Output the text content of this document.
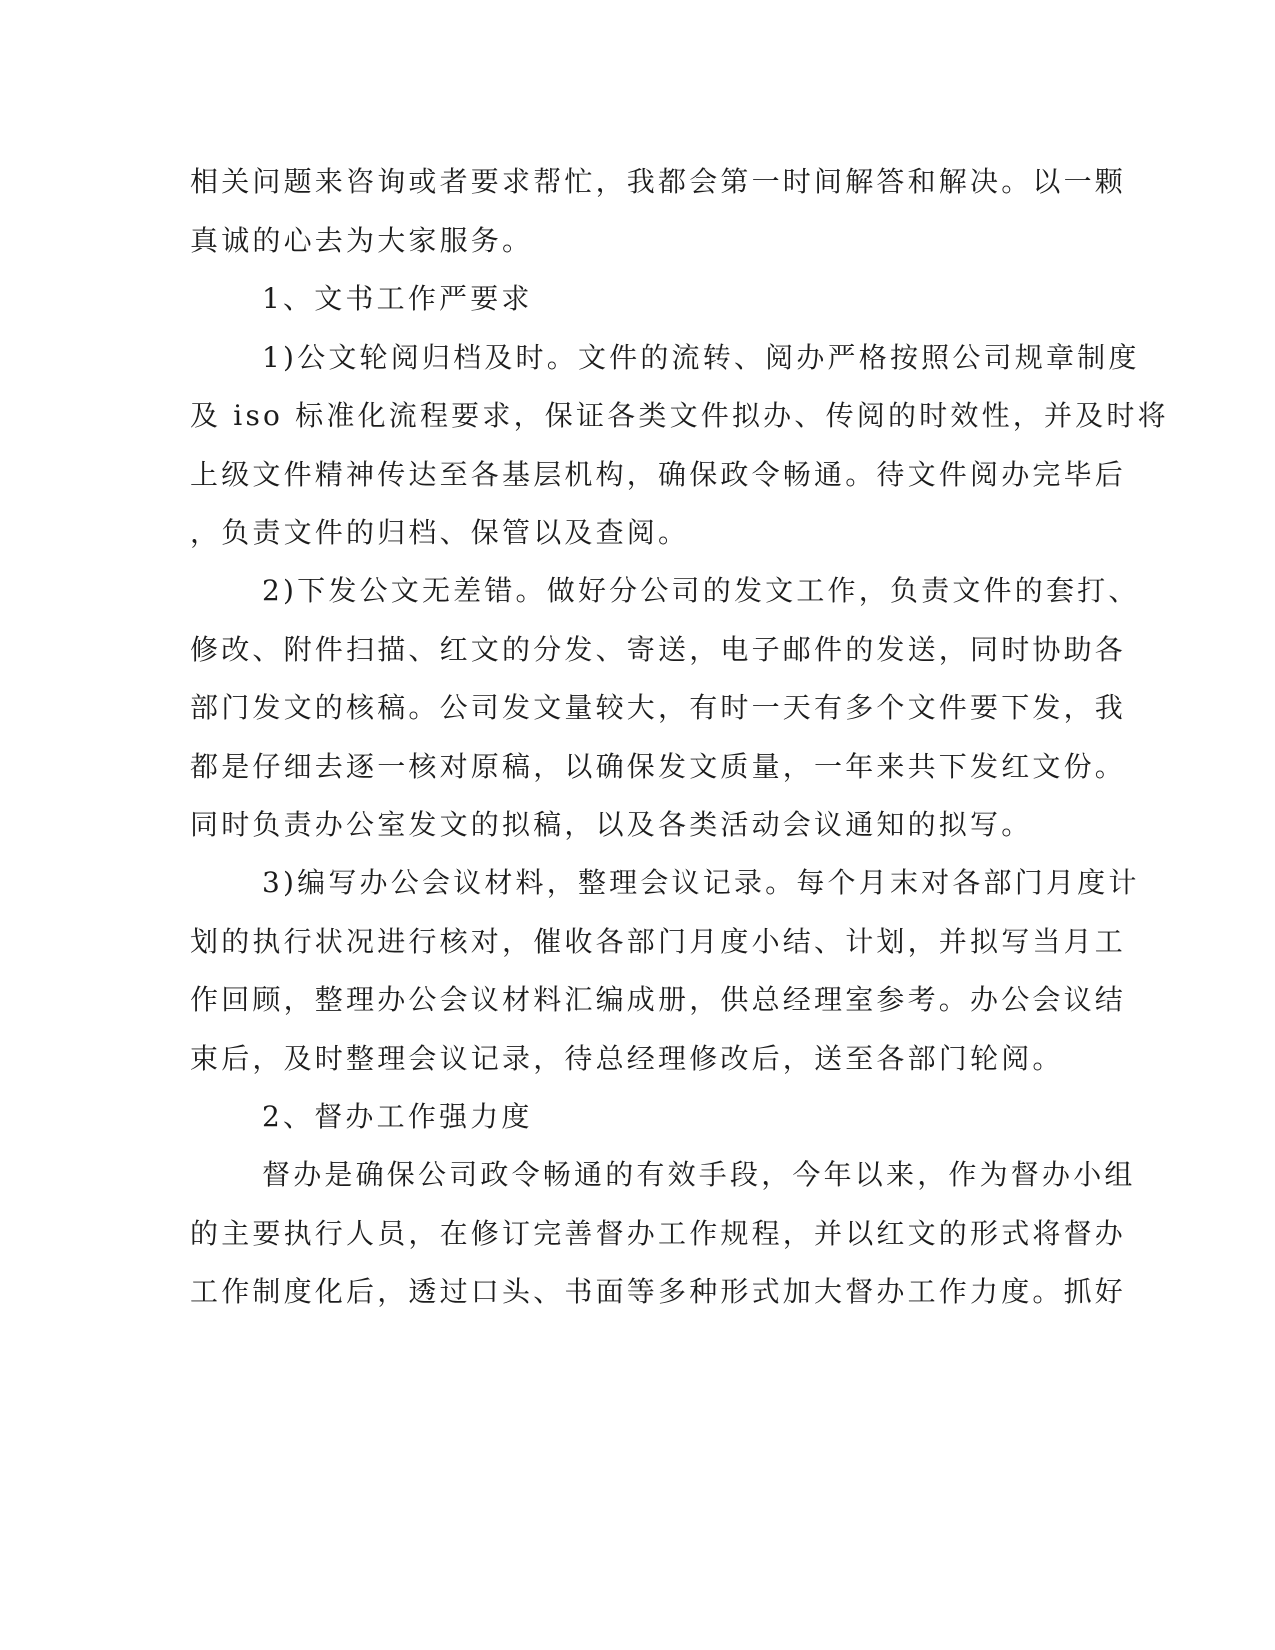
相关问题来咨询或者要求帮忙，我都会第一时间解答和解决。以一颗
真诚的心去为大家服务。
1、文书工作严要求
1)公文轮阅归档及时。文件的流转、阅办严格按照公司规章制度
及 iso 标准化流程要求，保证各类文件拟办、传阅的时效性，并及时将
上级文件精神传达至各基层机构，确保政令畅通。待文件阅办完毕后
，负责文件的归档、保管以及查阅。
2)下发公文无差错。做好分公司的发文工作，负责文件的套打、
修改、附件扫描、红文的分发、寄送，电子邮件的发送，同时协助各
部门发文的核稿。公司发文量较大，有时一天有多个文件要下发，我
都是仔细去逐一核对原稿，以确保发文质量，一年来共下发红文份。
同时负责办公室发文的拟稿，以及各类活动会议通知的拟写。
3)编写办公会议材料，整理会议记录。每个月末对各部门月度计
划的执行状况进行核对，催收各部门月度小结、计划，并拟写当月工
作回顾，整理办公会议材料汇编成册，供总经理室参考。办公会议结
束后，及时整理会议记录，待总经理修改后，送至各部门轮阅。
2、督办工作强力度
督办是确保公司政令畅通的有效手段，今年以来，作为督办小组
的主要执行人员，在修订完善督办工作规程，并以红文的形式将督办
工作制度化后，透过口头、书面等多种形式加大督办工作力度。抓好
